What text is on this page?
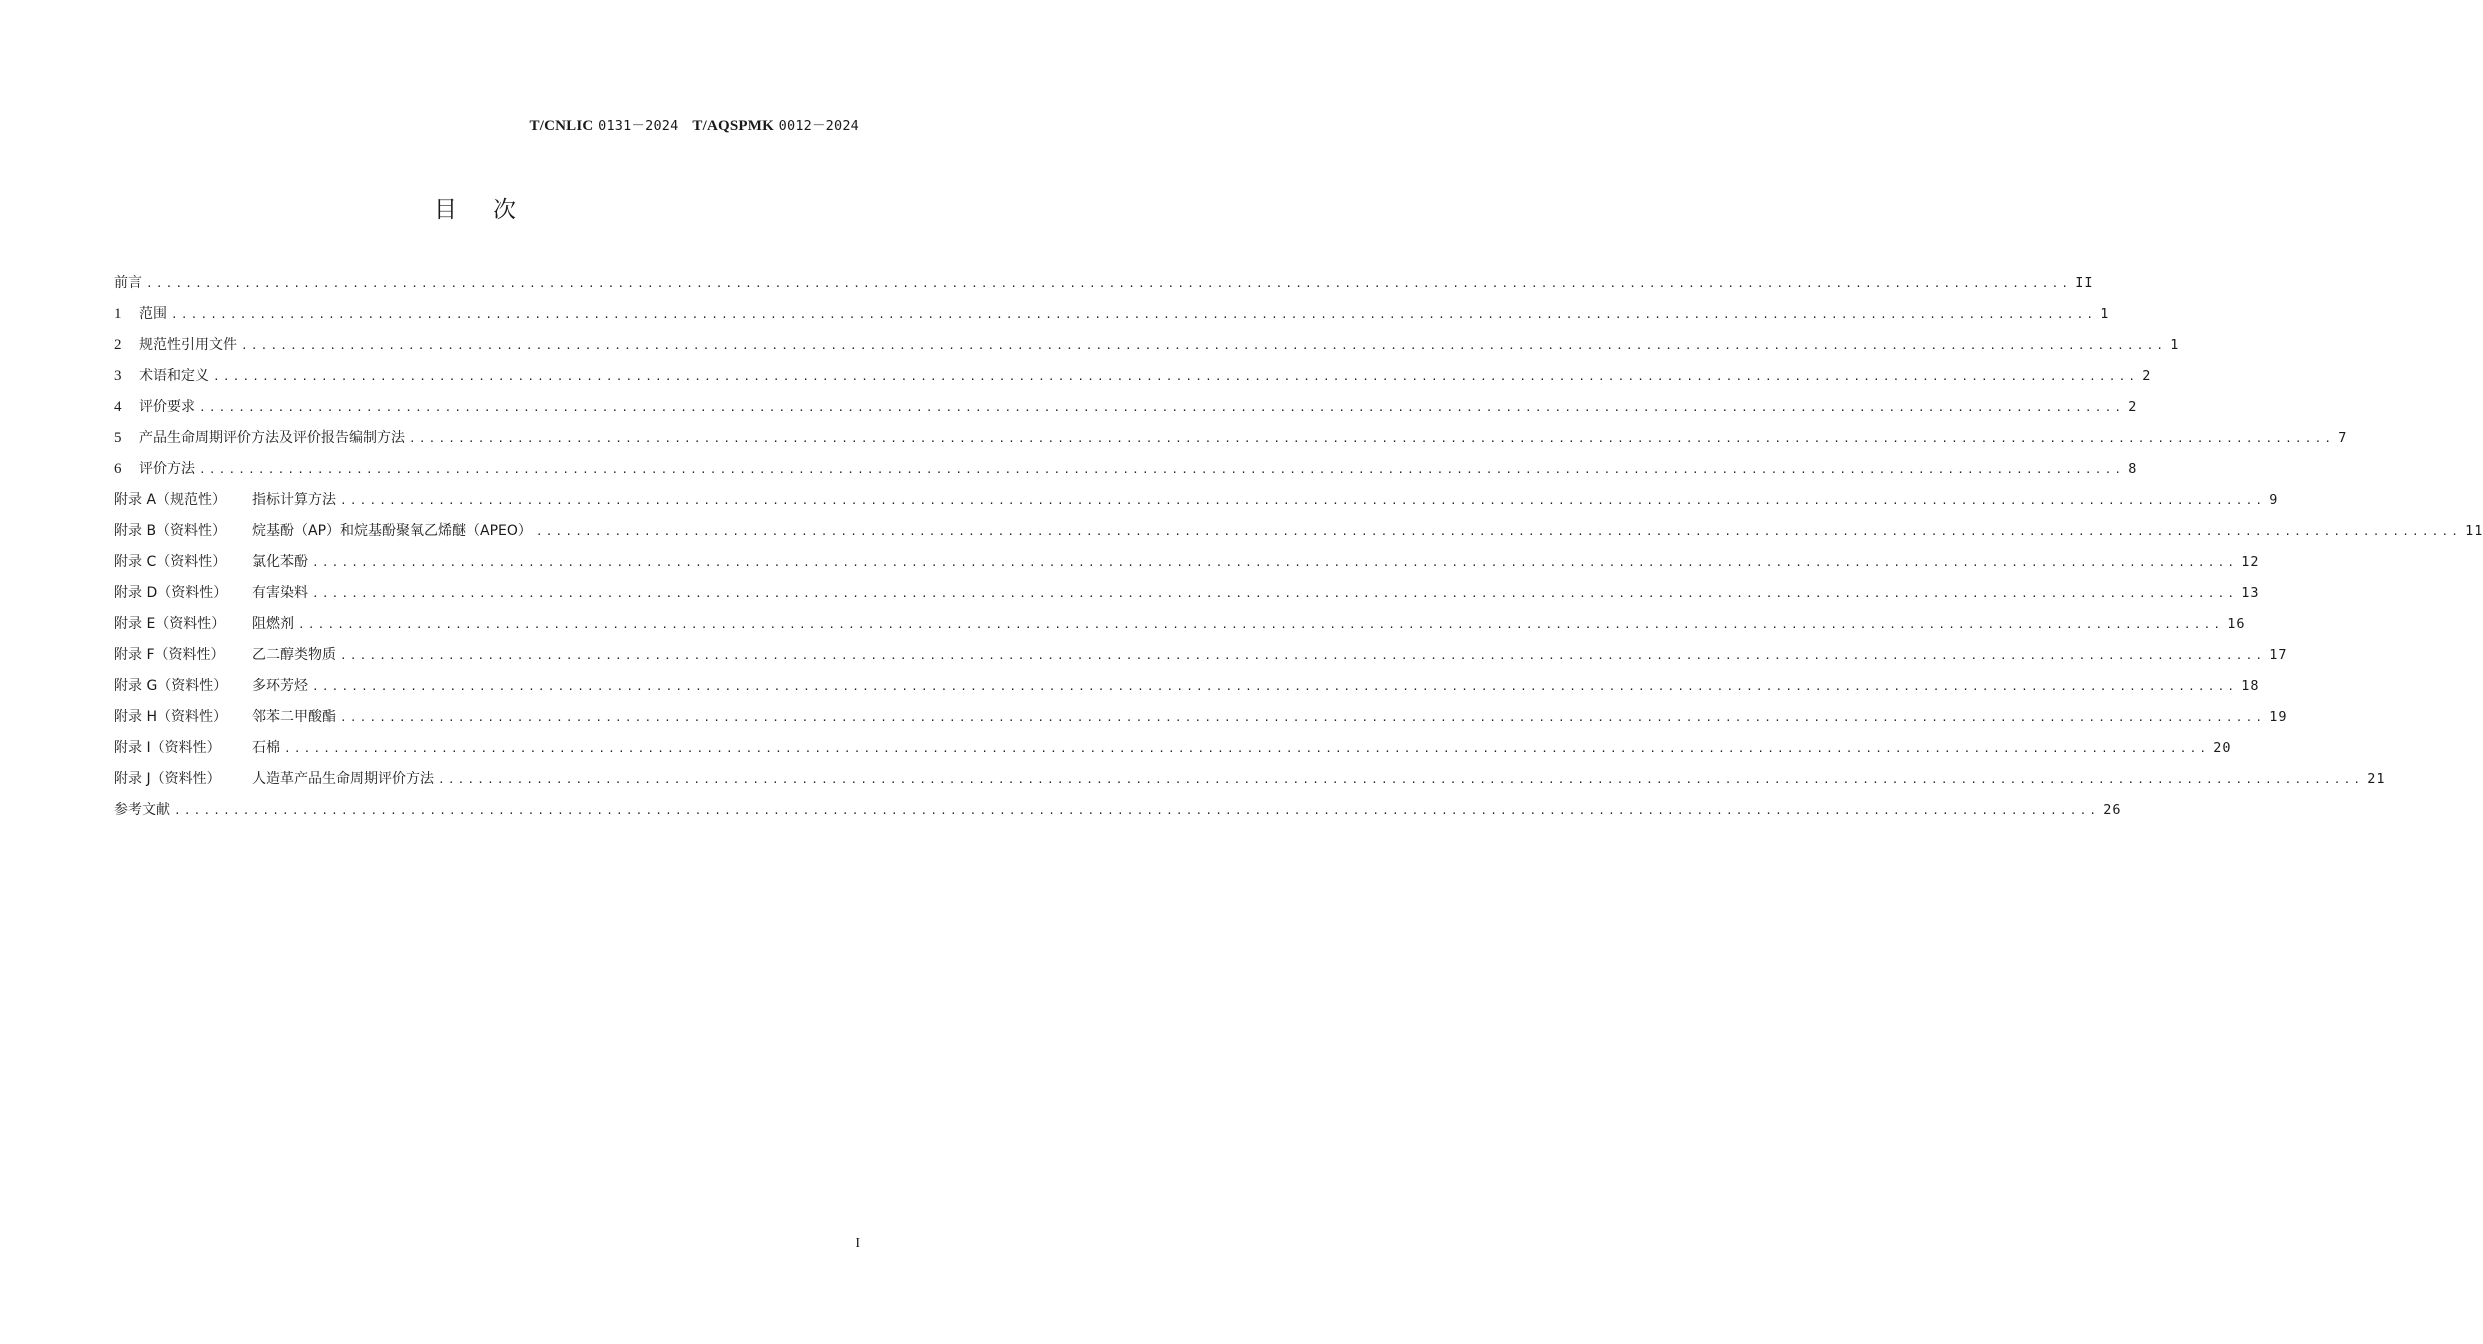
T/CNLIC 0131－2024 T/AQSPMK 0012－2024
目次
前言 .................................................................................................................................................................................................... II
1 范围 .................................................................................................................................................................................................... 1
2 规范性引用文件 .................................................................................................................................................................................................... 1
3 术语和定义 .................................................................................................................................................................................................... 2
4 评价要求 .................................................................................................................................................................................................... 2
5 产品生命周期评价方法及评价报告编制方法 .................................................................................................................................................................................................... 7
6 评价方法 .................................................................................................................................................................................................... 8
附录 A（规范性） 指标计算方法 .................................................................................................................................................................................................... 9
附录 B（资料性） 烷基酚（AP）和烷基酚聚氧乙烯醚（APEO） .................................................................................................................................................................................................... 11
附录 C（资料性） 氯化苯酚 .................................................................................................................................................................................................... 12
附录 D（资料性） 有害染料 .................................................................................................................................................................................................... 13
附录 E（资料性） 阻燃剂 .................................................................................................................................................................................................... 16
附录 F（资料性） 乙二醇类物质 .................................................................................................................................................................................................... 17
附录 G（资料性） 多环芳烃 .................................................................................................................................................................................................... 18
附录 H（资料性） 邻苯二甲酸酯 .................................................................................................................................................................................................... 19
附录 I（资料性） 石棉 .................................................................................................................................................................................................... 20
附录 J（资料性） 人造革产品生命周期评价方法 .................................................................................................................................................................................................... 21
参考文献 .................................................................................................................................................................................................... 26
I
